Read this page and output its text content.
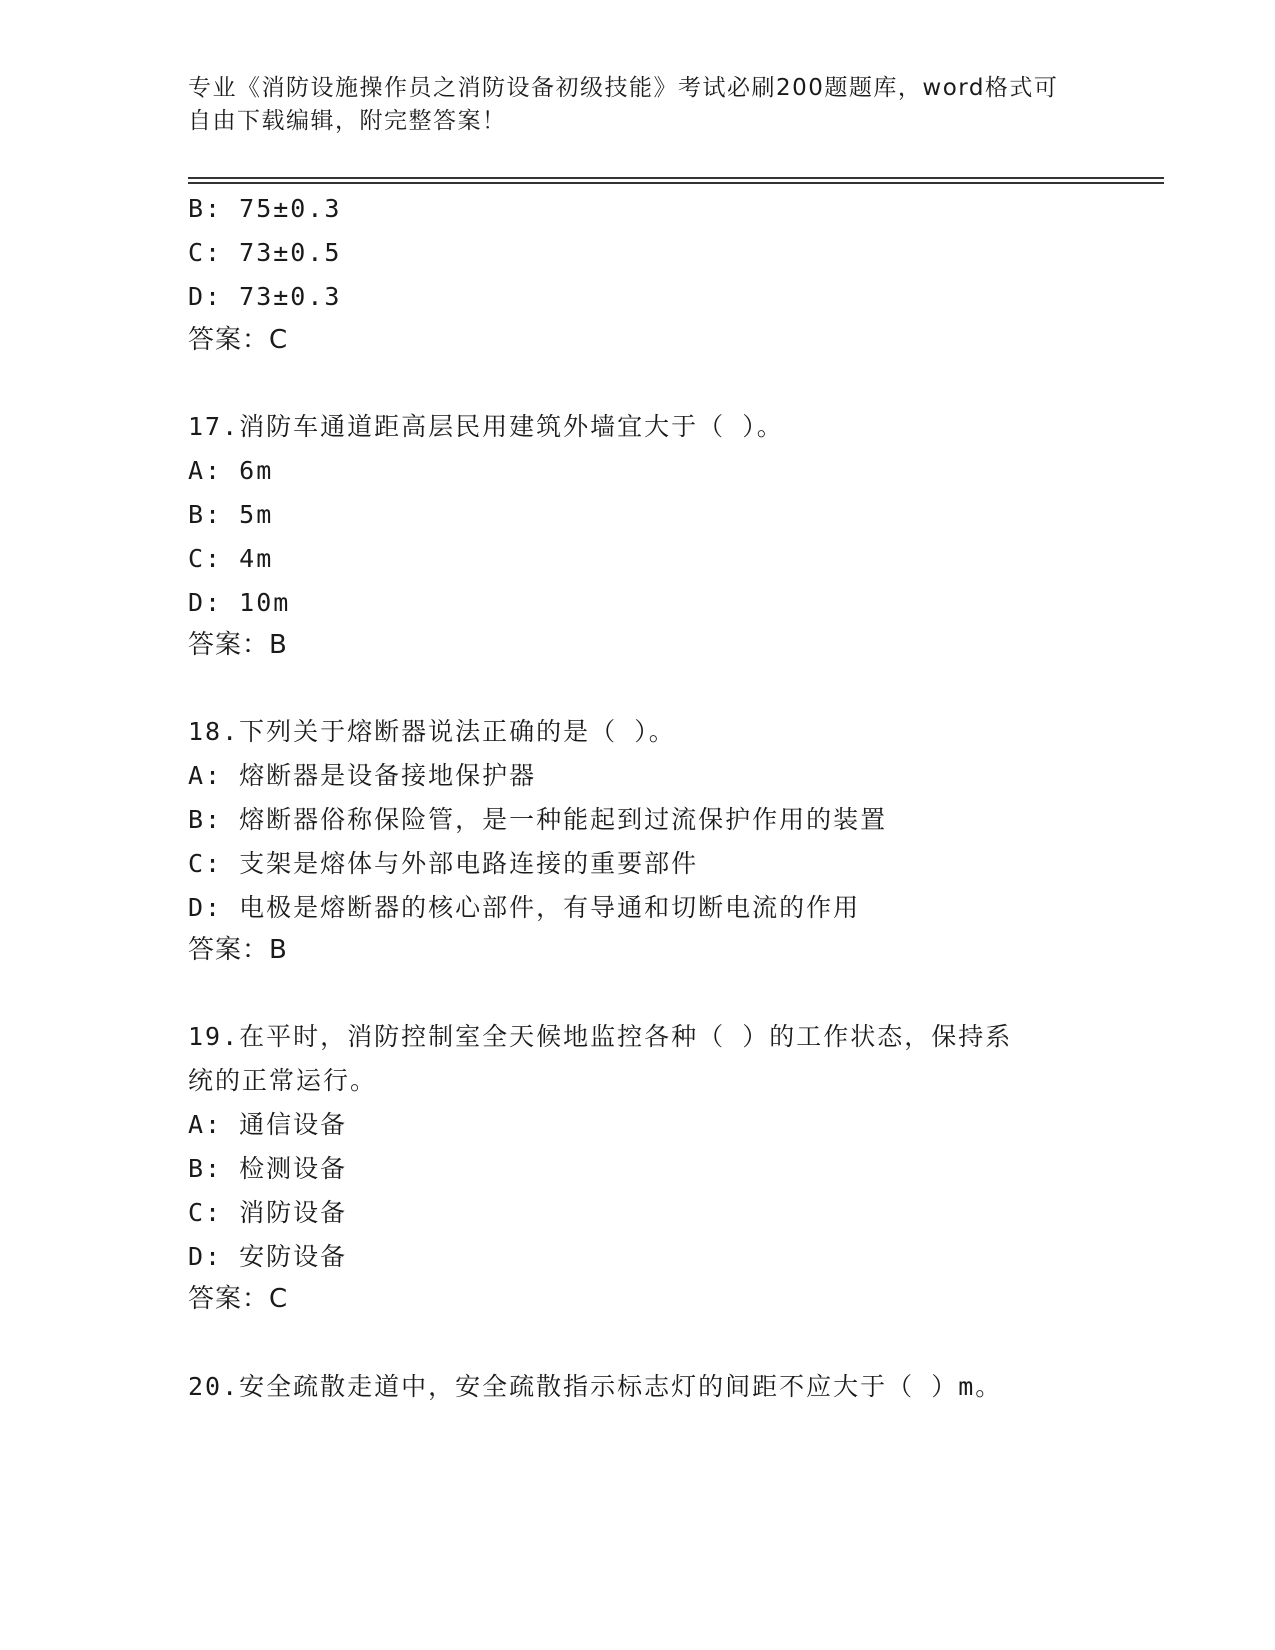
专业《消防设施操作员之消防设备初级技能》考试必刷200题题库，word格式可
自由下载编辑，附完整答案！
B: 75±0.3
C: 73±0.5
D: 73±0.3
答案：C
17.消防车通道距高层民用建筑外墙宜大于（ ）。
A: 6m
B: 5m
C: 4m
D: 10m
答案：B
18.下列关于熔断器说法正确的是（ ）。
A: 熔断器是设备接地保护器
B: 熔断器俗称保险管，是一种能起到过流保护作用的装置
C: 支架是熔体与外部电路连接的重要部件
D: 电极是熔断器的核心部件，有导通和切断电流的作用
答案：B
19.在平时，消防控制室全天候地监控各种（ ）的工作状态，保持系
统的正常运行。
A: 通信设备
B: 检测设备
C: 消防设备
D: 安防设备
答案：C
20.安全疏散走道中，安全疏散指示标志灯的间距不应大于（ ）m。
